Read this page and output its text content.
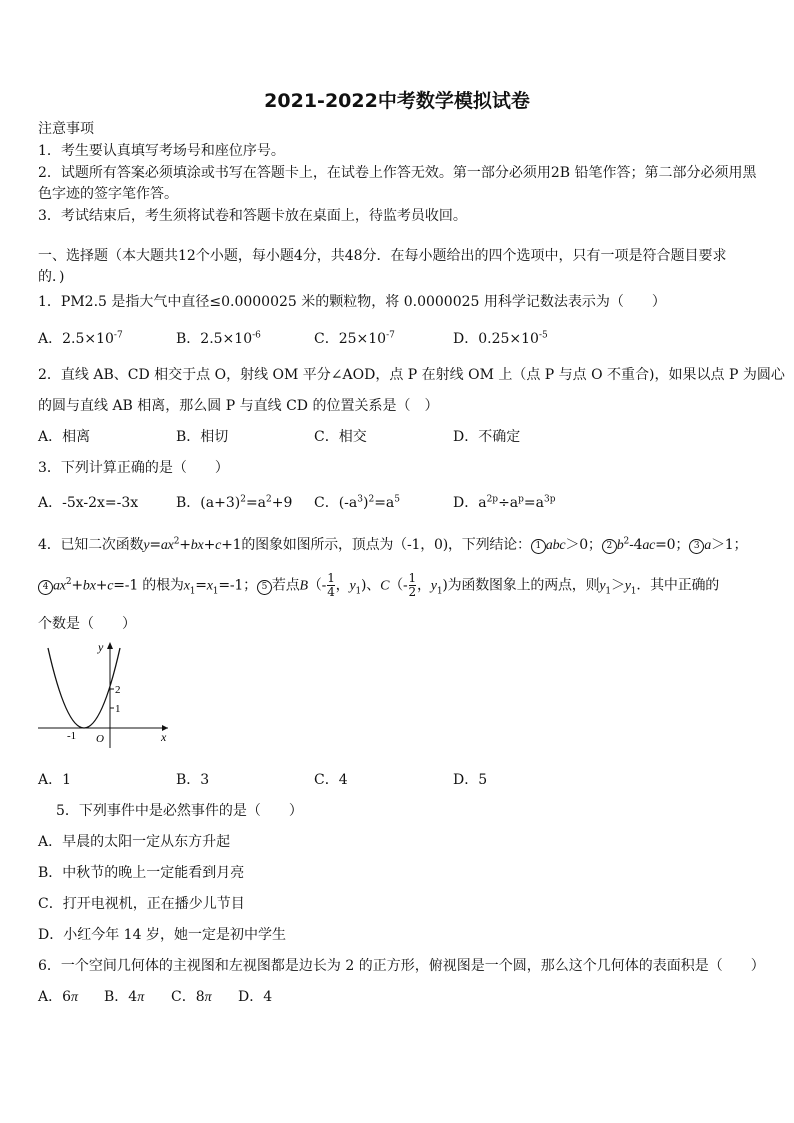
2021-2022中考数学模拟试卷
注意事项
1．考生要认真填写考场号和座位序号。
2．试题所有答案必须填涂或书写在答题卡上，在试卷上作答无效。第一部分必须用2B 铅笔作答；第二部分必须用黑
色字迹的签字笔作答。
3．考试结束后，考生须将试卷和答题卡放在桌面上，待监考员收回。
一、选择题（本大题共12个小题，每小题4分，共48分．在每小题给出的四个选项中，只有一项是符合题目要求
的．)
1．PM2.5 是指大气中直径≤0.0000025 米的颗粒物，将 0.0000025 用科学记数法表示为（　　）
A．$2.5\times 10^{-7}$	B．$2.5\times 10^{-6}$	C．$25\times 10^{-7}$	D．$0.25\times 10^{-5}$
2．直线 AB、CD 相交于点 O，射线 OM 平分∠AOD，点 P 在射线 OM 上（点 P 与点 O 不重合)，如果以点 P 为圆心
的圆与直线 AB 相离，那么圆 P 与直线 CD 的位置关系是（　）
A．相离	B．相切	C．相交	D．不确定
3．下列计算正确的是（　　）
A．-5x-2x=-3x	B．$(a+3)^2=a^2+9$ C．$(-a^3)^2=a^5$	D．$a^{2p}\div a^p=a^{3p}$
4．已知二次函数$y=ax^2+bx+c+1$的图象如图所示，顶点为（-1，0)，下列结论： 1 abc＞0； 2 $b^2-4ac=0$； 3 a＞1；
4 $ax^2+bx+c=-1$ 的根为$x_1=x_1=-1$； 5 若点$B(- \frac{1}{4}$ ，$y_1$)、$C(- \frac{1}{2}$ ，$y_1$)为函数图象上的两点，则$y_1>y_1$．其中正确的
个数是（　　）
1
2
-1 O
y
x
A．1	B．3	C．4	D．5
5．下列事件中是必然事件的是（　　）
A．早晨的太阳一定从东方升起
B．中秋节的晚上一定能看到月亮
C．打开电视机，正在播少儿节目
D．小红今年 14 岁，她一定是初中学生
6．一个空间几何体的主视图和左视图都是边长为 2 的正方形，俯视图是一个圆，那么这个几何体的表面积是（　　）
A．6π B．4π C．8π D．4
